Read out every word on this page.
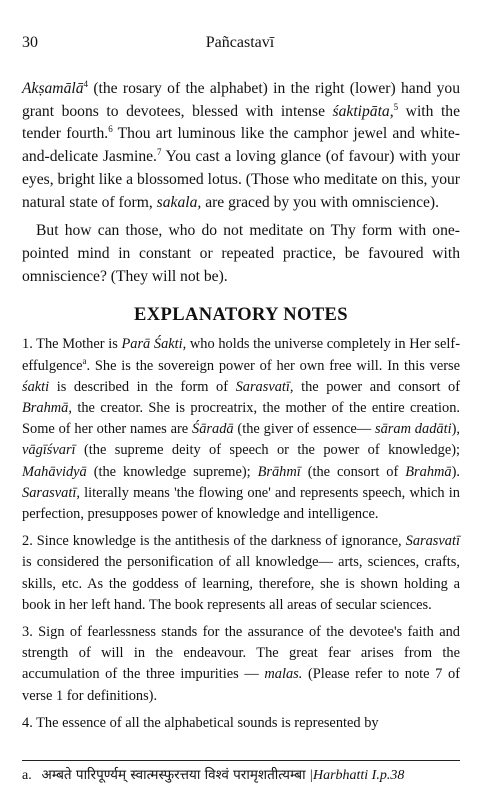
30	Pañcastavī

Akṣamālā$^4$ (the rosary of the alphabet) in the right (lower) hand you grant boons to devotees, blessed with intense śaktipāta,$^5$ with the tender fourth.$^6$ Thou art luminous like the camphor jewel and white-and-delicate Jasmine.$^7$ You cast a loving glance (of favour) with your eyes, bright like a blossomed lotus. (Those who meditate on this, your natural state of form, sakala, are graced by you with omniscience).

But how can those, who do not meditate on Thy form with one-pointed mind in constant or repeated practice, be favoured with omniscience? (They will not be).

EXPLANATORY NOTES

1. The Mother is Parā Śakti, who holds the universe completely in Her self-effulgence$^a$. She is the sovereign power of her own free will. In this verse śakti is described in the form of Sarasvatī, the power and consort of Brahmā, the creator. She is procreatrix, the mother of the entire creation. Some of her other names are Śāradā (the giver of essence— sāram dadāti), vāgīśvarī (the supreme deity of speech or the power of knowledge); Mahāvidyā (the knowledge supreme); Brāhmī (the consort of Brahmā). Sarasvatī, literally means 'the flowing one' and represents speech, which in perfection, presupposes power of knowledge and intelligence.

2. Since knowledge is the antithesis of the darkness of ignorance, Sarasvatī is considered the personification of all knowledge— arts, sciences, crafts, skills, etc. As the goddess of learning, therefore, she is shown holding a book in her left hand. The book represents all areas of secular sciences.

3. Sign of fearlessness stands for the assurance of the devotee's faith and strength of will in the endeavour. The great fear arises from the accumulation of the three impurities — malas. (Please refer to note 7 of verse 1 for definitions).

4. The essence of all the alphabetical sounds is represented by

a. अम्बते पारिपूर्ण्यम् स्वात्मस्फुरत्तया विश्वं परामृशतीत्यम्बा |Harbhatti I.p.38
